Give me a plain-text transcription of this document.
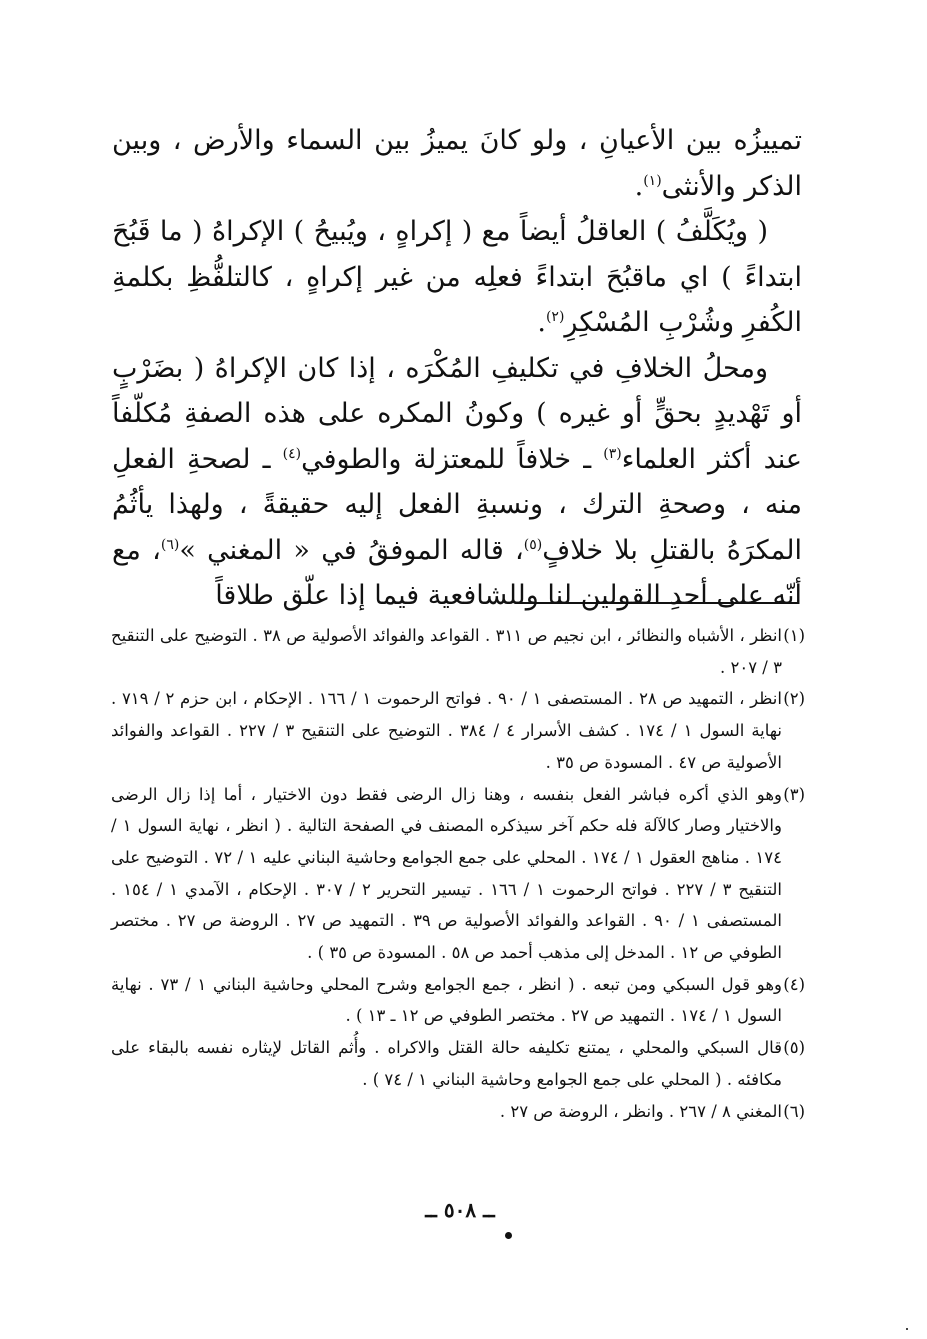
تمييزُه بين الأعيانِ ، ولو كانَ يميزُ بين السماء والأرض ، وبين الذكر والأنثى$^{(١)}$.

( ويُكَلَّفُ ) العاقلُ أيضاً مع ( إكراهٍ ، ويُبيحُ ) الإكراهُ ( ما قَبُحَ ابتداءً ) اي ماقبُحَ ابتداءً فعلِه من غير إكراهٍ ، كالتلفُّظِ بكلمةِ الكُفرِ وشُرْبِ المُسْكِرِ$^{(٢)}$.

ومحلُ الخلافِ في تكليفِ المُكْرَه ، إذا كان الإكراهُ ( بضَرْبٍ أو تَهْديدٍ بحقٍّ أو غيره ) وكونُ المكره على هذه الصفةِ مُكلّفاً عند أكثر العلماء$^{(٣)}$ ـ خلافاً للمعتزلة والطوفي$^{(٤)}$ ـ لصحةِ الفعلِ منه ، وصحةِ الترك ، ونسبةِ الفعل إليه حقيقةً ، ولهذا يأثُمُ المكرَهُ بالقتلِ بلا خلافٍ$^{(٥)}$، قاله الموفقُ في « المغني »$^{(٦)}$، مع أنّه على أحدِ القولين لنا وللشافعية فيما إذا علّق طلاقاً

(١)
انظر ، الأشباه والنظائر ، ابن نجيم ص ٣١١ . القواعد والفوائد الأصولية ص ٣٨ . التوضيح على التنقيح ٣ / ٢٠٧ .
(٢)
انظر ، التمهيد ص ٢٨ . المستصفى ١ / ٩٠ . فواتح الرحموت ١ / ١٦٦ . الإحكام ، ابن حزم ٢ / ٧١٩ . نهاية السول ١ / ١٧٤ . كشف الأسرار ٤ / ٣٨٤ . التوضيح على التنقيح ٣ / ٢٢٧ . القواعد والفوائد الأصولية ص ٤٧ . المسودة ص ٣٥ .
(٣)
وهو الذي أكره فباشر الفعل بنفسه ، وهنا زال الرضى فقط دون الاختيار ، أما إذا زال الرضى والاختيار وصار كالآلة فله حكم آخر سيذكره المصنف في الصفحة التالية . ( انظر ، نهاية السول ١ / ١٧٤ . مناهج العقول ١ / ١٧٤ . المحلي على جمع الجوامع وحاشية البناني عليه ١ / ٧٢ . التوضيح على التنقيح ٣ / ٢٢٧ . فواتح الرحموت ١ / ١٦٦ . تيسير التحرير ٢ / ٣٠٧ . الإحكام ، الآمدي ١ / ١٥٤ . المستصفى ١ / ٩٠ . القواعد والفوائد الأصولية ص ٣٩ . التمهيد ص ٢٧ . الروضة ص ٢٧ . مختصر الطوفي ص ١٢ . المدخل إلى مذهب أحمد ص ٥٨ . المسودة ص ٣٥ ) .
(٤)
وهو قول السبكي ومن تبعه . ( انظر ، جمع الجوامع وشرح المحلي وحاشية البناني ١ / ٧٣ . نهاية السول ١ / ١٧٤ . التمهيد ص ٢٧ . مختصر الطوفي ص ١٢ ـ ١٣ ) .
(٥)
قال السبكي والمحلي ، يمتنع تكليفه حالة القتل والاكراه . وأُثم القاتل لإيثاره نفسه بالبقاء على مكافئه . ( المحلي على جمع الجوامع وحاشية البناني ١ / ٧٤ ) .
(٦)
المغني ٨ / ٢٦٧ . وانظر ، الروضة ص ٢٧ .
ــ ٥٠٨ ــ
